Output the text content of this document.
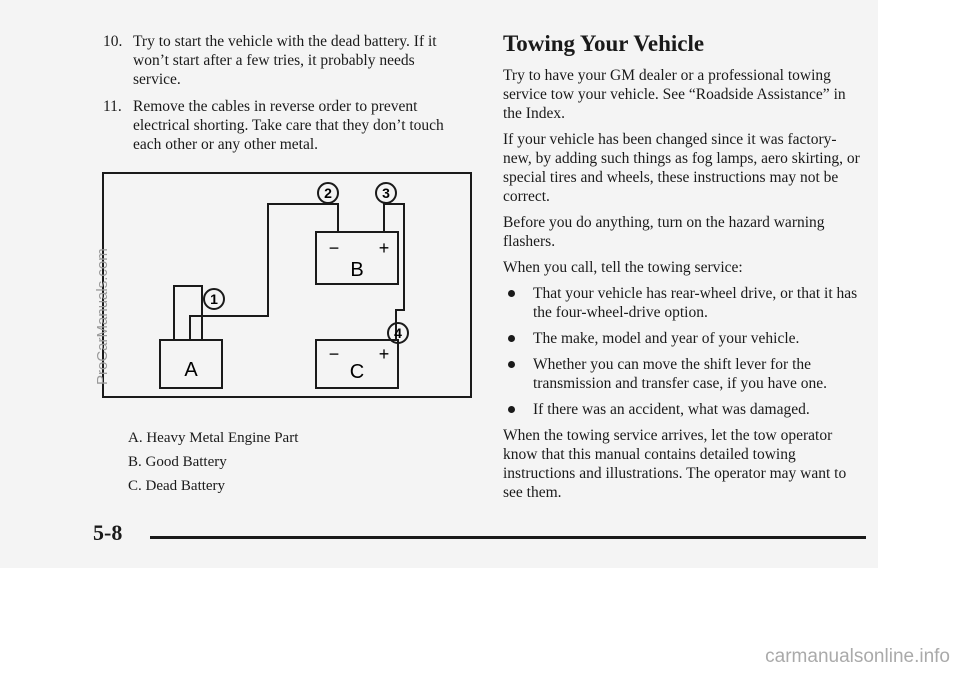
10. Try to start the vehicle with the dead battery. If it won’t start after a few tries, it probably needs service.
11. Remove the cables in reverse order to prevent electrical shorting. Take care that they don’t touch each other or any other metal.
2	3
1
4
− +
− +
B
C
A
A. Heavy Metal Engine Part
B. Good Battery
C. Dead Battery
Towing Your Vehicle

Try to have your GM dealer or a professional towing service tow your vehicle. See “Roadside Assistance” in the Index.

If your vehicle has been changed since it was factory-new, by adding such things as fog lamps, aero skirting, or special tires and wheels, these instructions may not be correct.

Before you do anything, turn on the hazard warning flashers.

When you call, tell the towing service:

That your vehicle has rear-wheel drive, or that it has the four-wheel-drive option.
The make, model and year of your vehicle.
Whether you can move the shift lever for the transmission and transfer case, if you have one.
If there was an accident, what was damaged.

When the towing service arrives, let the tow operator know that this manual contains detailed towing instructions and illustrations. The operator may want to see them.

5-8
ProCarManuals.com
carmanualsonline.info
